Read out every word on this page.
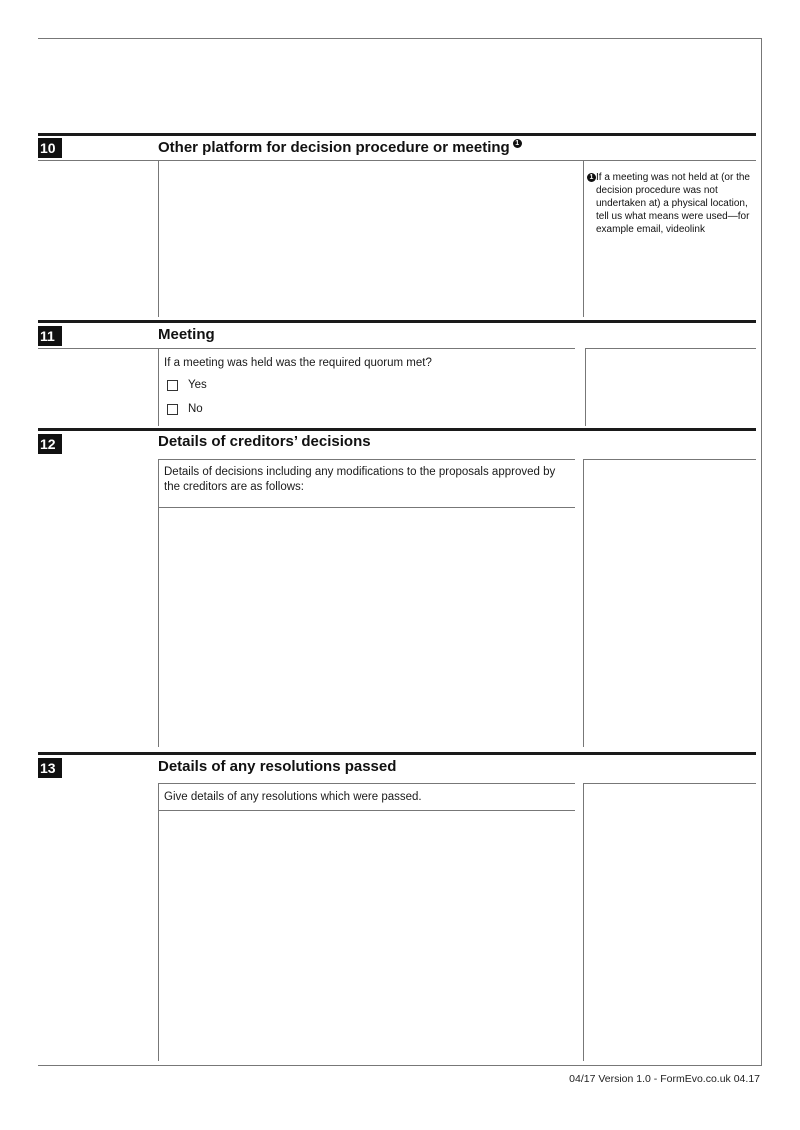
10	Other platform for decision procedure or meeting 1
1 If a meeting was not held at (or the decision procedure was not undertaken at) a physical location, tell us what means were used—for example email, videolink
11	Meeting
If a meeting was held was the required quorum met?
Yes
No
12	Details of creditors’ decisions
Details of decisions including any modifications to the proposals approved by the creditors are as follows:
13	Details of any resolutions passed
Give details of any resolutions which were passed.
04/17 Version 1.0 - FormEvo.co.uk 04.17
